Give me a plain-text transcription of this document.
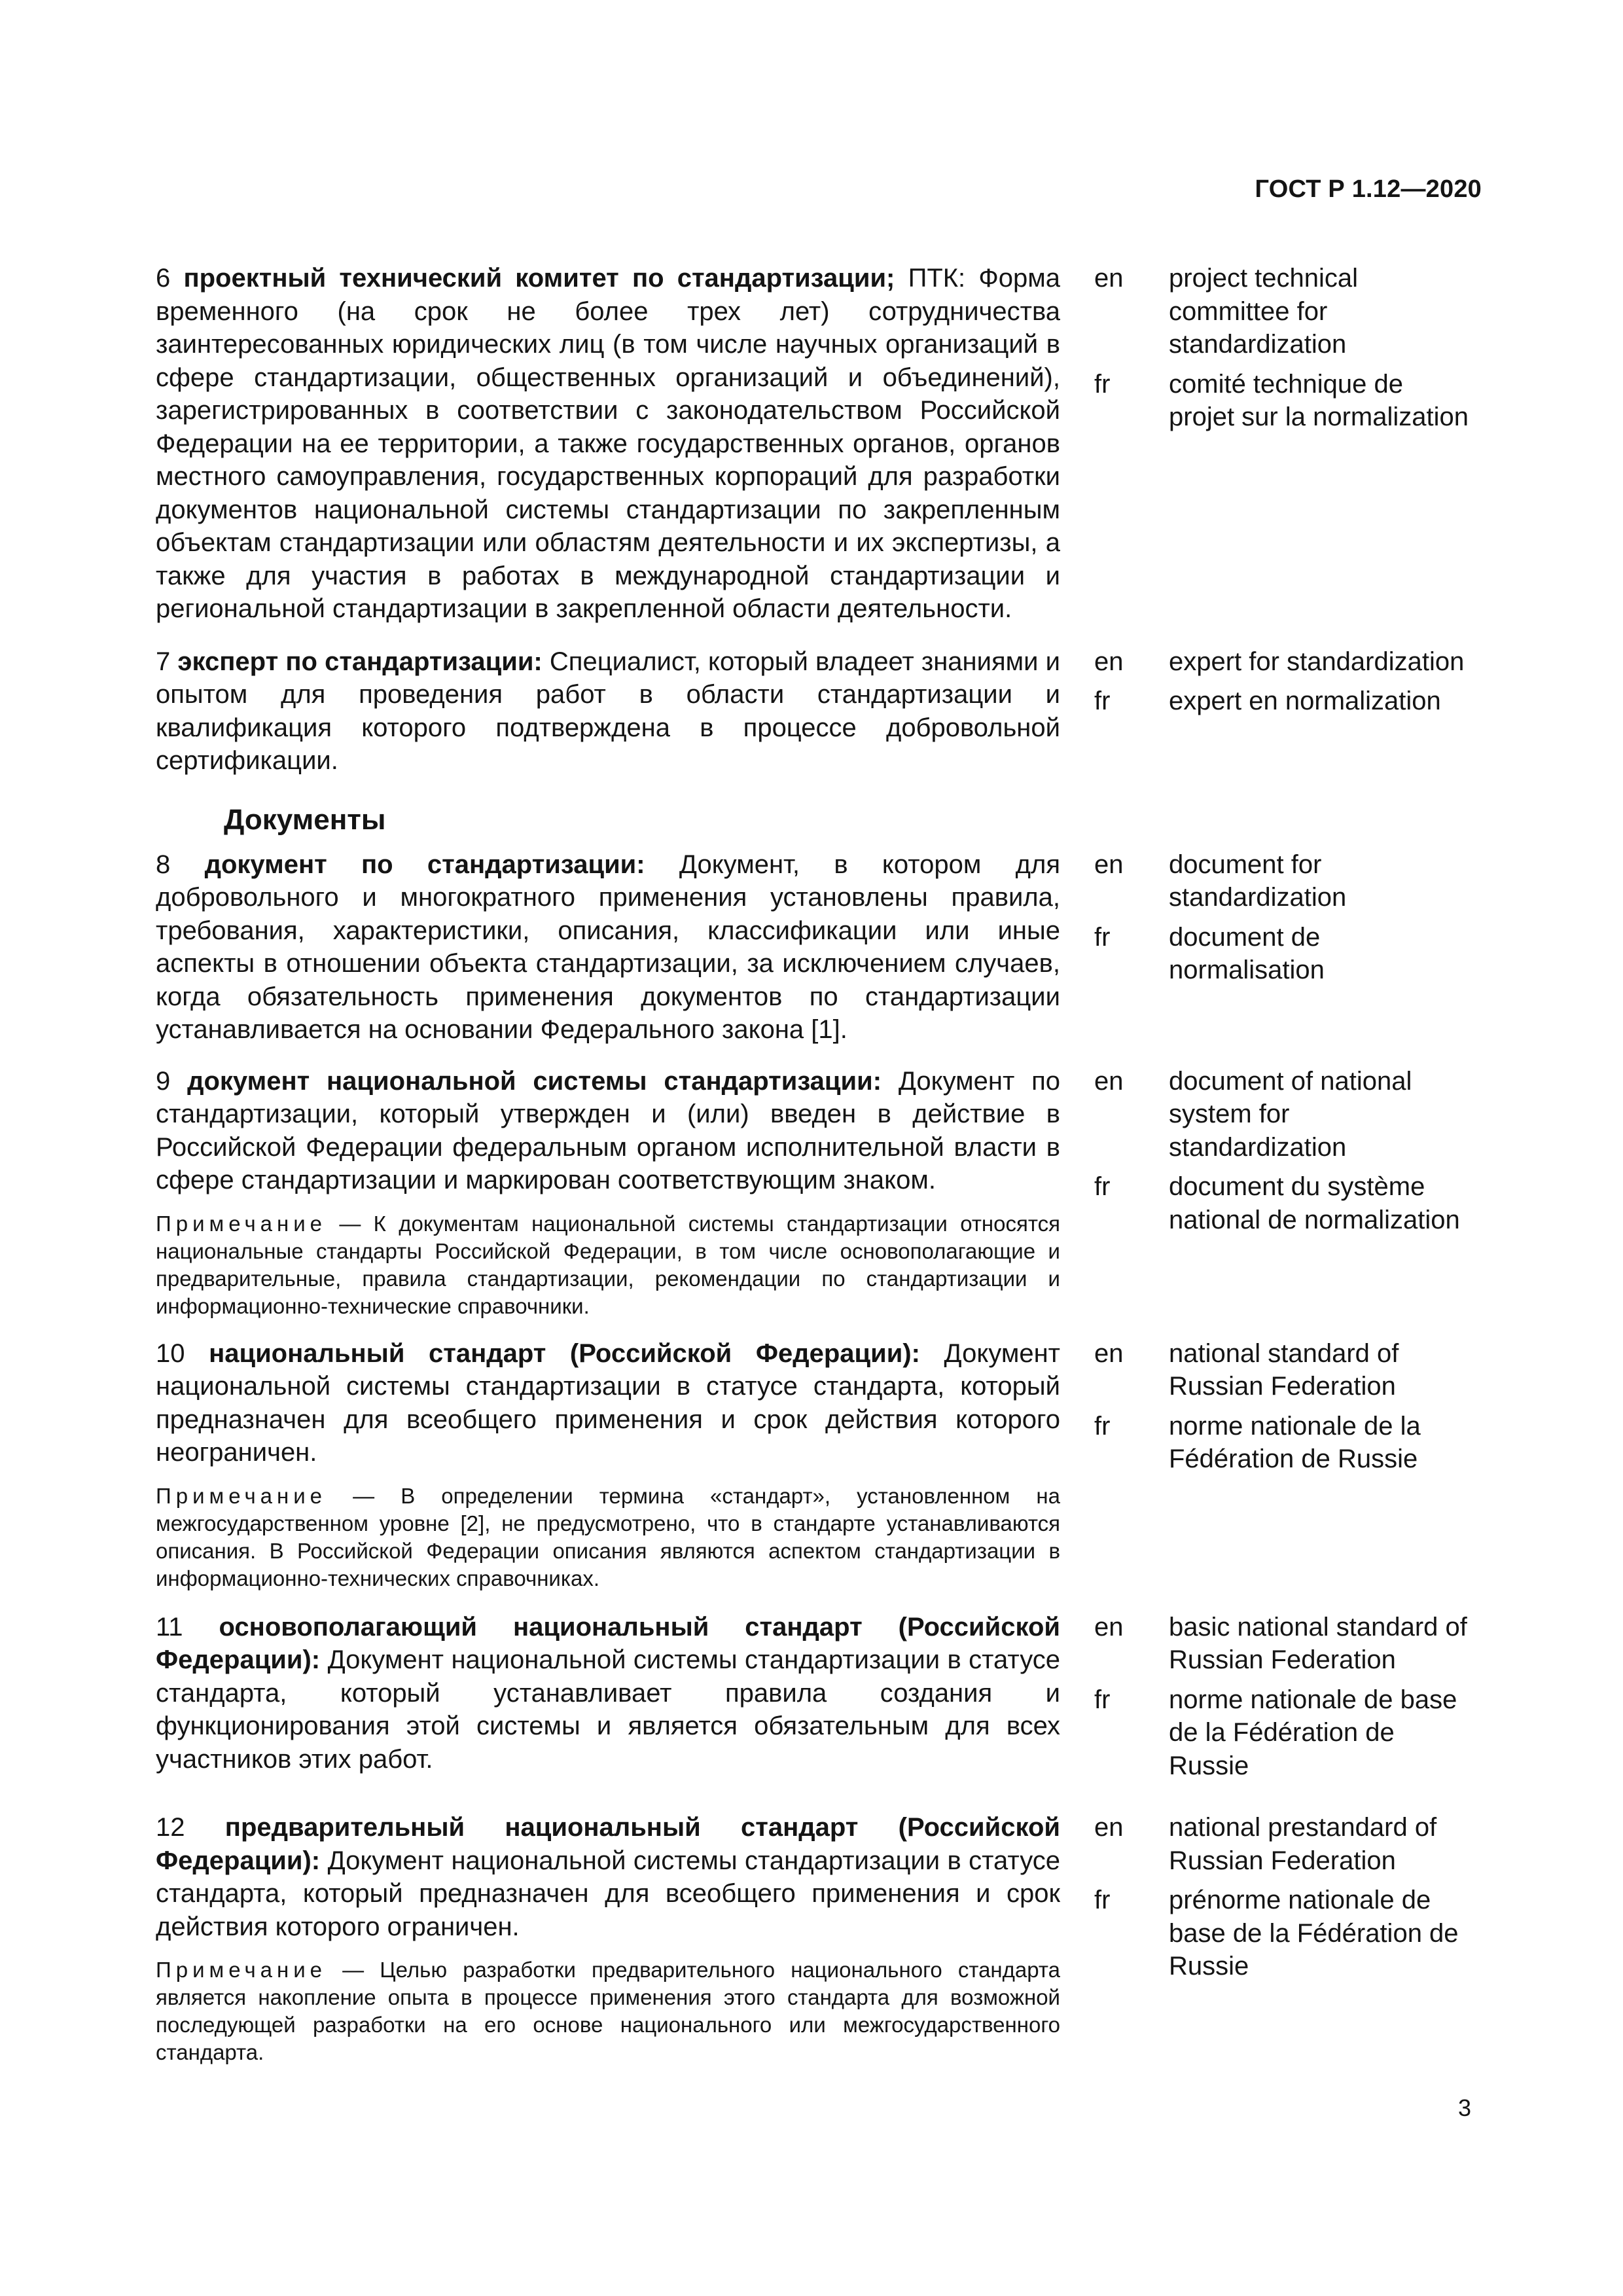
ГОСТ Р 1.12—2020
6 проектный технический комитет по стандартизации; ПТК: Форма временного (на срок не более трех лет) сотрудничества заинтересованных юридических лиц (в том числе научных организаций в сфере стандартизации, общественных организаций и объединений), зарегистрированных в соответствии с законодательством Российской Федерации на ее территории, а также государственных органов, органов местного самоуправления, государственных корпораций для разработки документов национальной системы стандартизации по закрепленным объектам стандартизации или областям деятельности и их экспертизы, а также для участия в работах в международной стандартизации и региональной стандартизации в закрепленной области деятельности.
en	project technical committee for standardization
fr	comité technique de projet sur la normalization
7 эксперт по стандартизации: Специалист, который владеет знаниями и опытом для проведения работ в области стандартизации и квалификация которого подтверждена в процессе добровольной сертификации.
en	expert for standardization
fr	expert en normalization
Документы
8 документ по стандартизации: Документ, в котором для добровольного и многократного применения установлены правила, требования, характеристики, описания, классификации или иные аспекты в отношении объекта стандартизации, за исключением случаев, когда обязательность применения документов по стандартизации устанавливается на основании Федерального закона [1].
en	document for standardization
fr	document de normalisation
9 документ национальной системы стандартизации: Документ по стандартизации, который утвержден и (или) введен в действие в Российской Федерации федеральным органом исполнительной власти в сфере стандартизации и маркирован соответствующим знаком.
Примечание — К документам национальной системы стандартизации относятся национальные стандарты Российской Федерации, в том числе основополагающие и предварительные, правила стандартизации, рекомендации по стандартизации и информационно-технические справочники.
en	document of national system for standardization
fr	document du système national de normalization
10 национальный стандарт (Российской Федерации): Документ национальной системы стандартизации в статусе стандарта, который предназначен для всеобщего применения и срок действия которого неограничен.
Примечание — В определении термина «стандарт», установленном на межгосударственном уровне [2], не предусмотрено, что в стандарте устанавливаются описания. В Российской Федерации описания являются аспектом стандартизации в информационно-технических справочниках.
en	national standard of Russian Federation
fr	norme nationale de la Fédération de Russie
11 основополагающий национальный стандарт (Российской Федерации): Документ национальной системы стандартизации в статусе стандарта, который устанавливает правила создания и функционирования этой системы и является обязательным для всех участников этих работ.
en	basic national standard of Russian Federation
fr	norme nationale de base de la Fédération de Russie
12 предварительный национальный стандарт (Российской Федерации): Документ национальной системы стандартизации в статусе стандарта, который предназначен для всеобщего применения и срок действия которого ограничен.
Примечание — Целью разработки предварительного национального стандарта является накопление опыта в процессе применения этого стандарта для возможной последующей разработки на его основе национального или межгосударственного стандарта.
en	national prestandard of Russian Federation
fr	prénorme nationale de base de la Fédération de Russie
3
